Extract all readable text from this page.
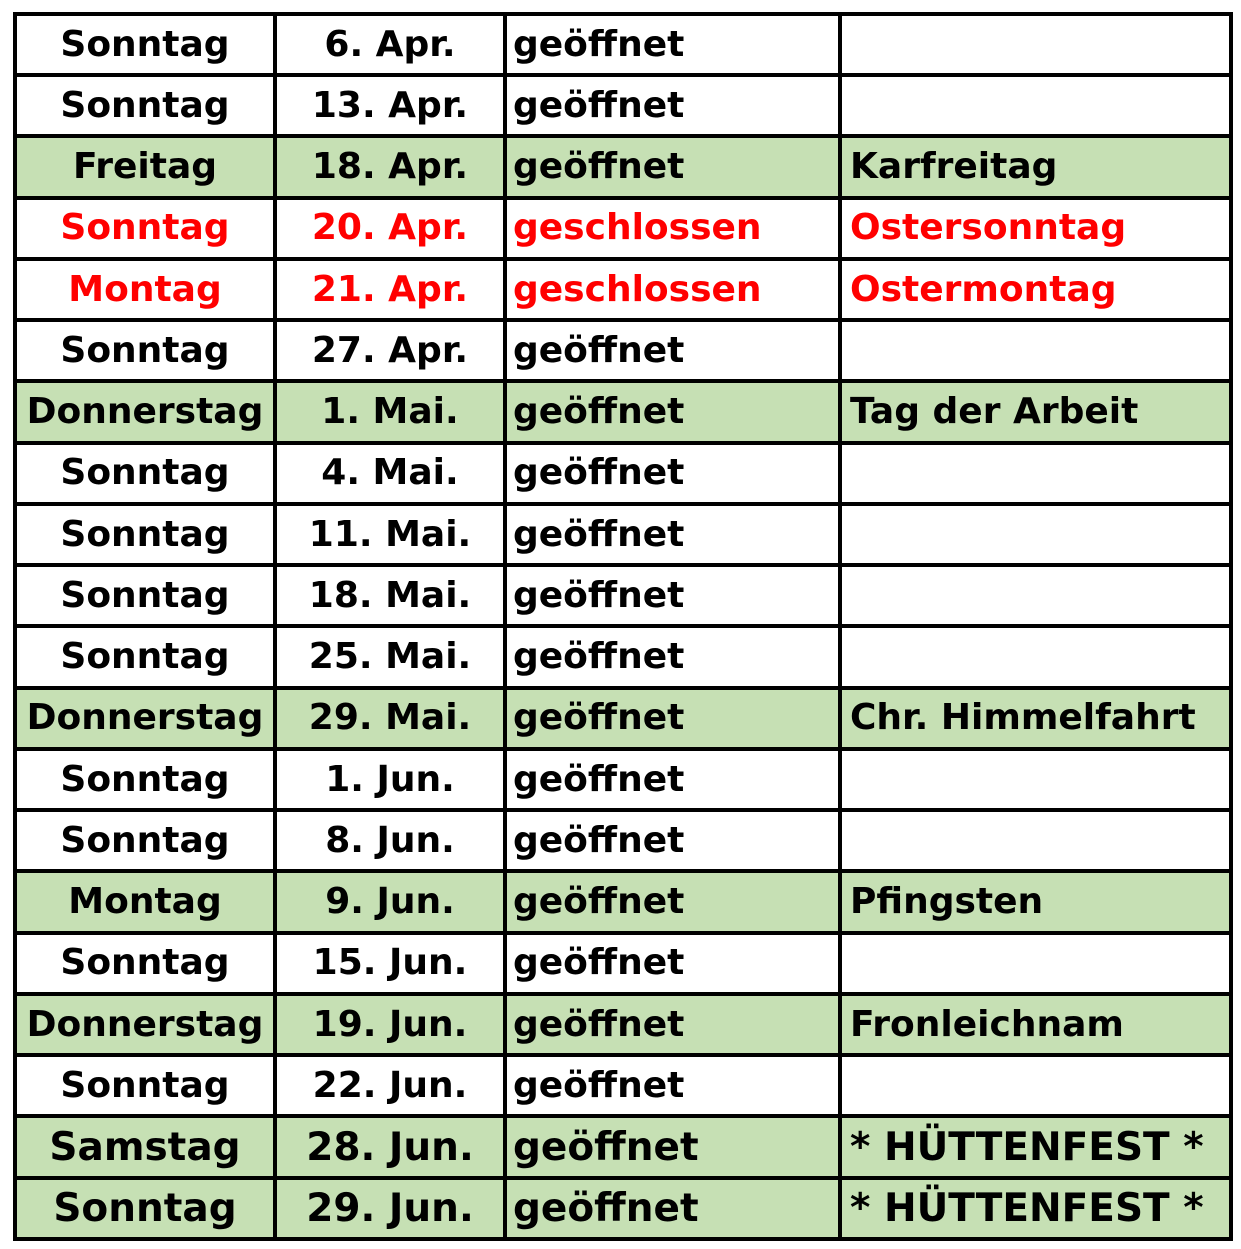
Sonntag	6. Apr.	geöffnet	
Sonntag	13. Apr.	geöffnet	
Freitag	18. Apr.	geöffnet	Karfreitag
Sonntag	20. Apr.	geschlossen	Ostersonntag
Montag	21. Apr.	geschlossen	Ostermontag
Sonntag	27. Apr.	geöffnet	
Donnerstag	1. Mai.	geöffnet	Tag der Arbeit
Sonntag	4. Mai.	geöffnet	
Sonntag	11. Mai.	geöffnet	
Sonntag	18. Mai.	geöffnet	
Sonntag	25. Mai.	geöffnet	
Donnerstag	29. Mai.	geöffnet	Chr. Himmelfahrt
Sonntag	1. Jun.	geöffnet	
Sonntag	8. Jun.	geöffnet	
Montag	9. Jun.	geöffnet	Pfingsten
Sonntag	15. Jun.	geöffnet	
Donnerstag	19. Jun.	geöffnet	Fronleichnam
Sonntag	22. Jun.	geöffnet	
Samstag	28. Jun.	geöffnet	* HÜTTENFEST *
Sonntag	29. Jun.	geöffnet	* HÜTTENFEST *
